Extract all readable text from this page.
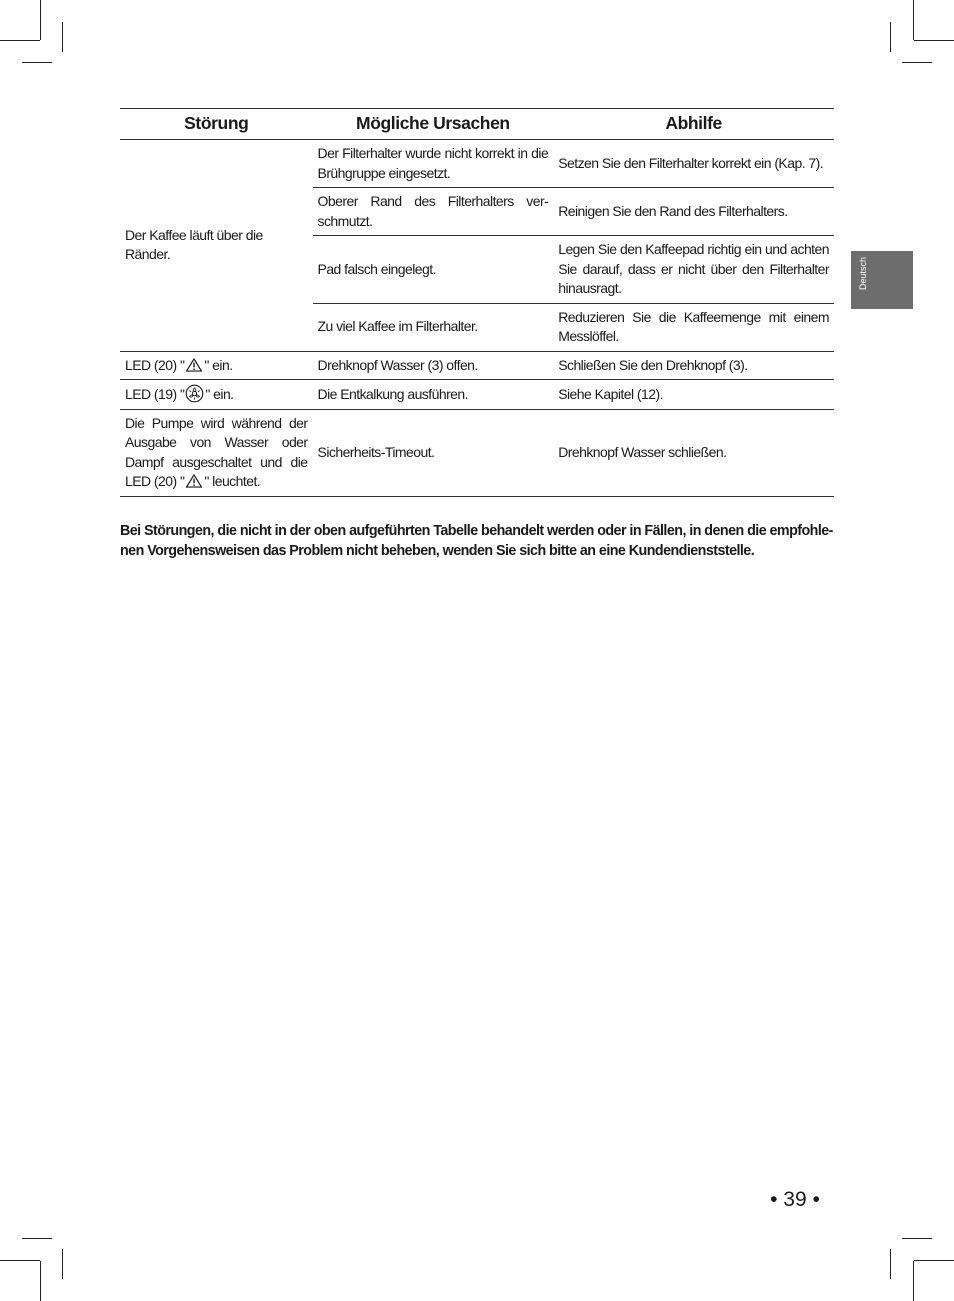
Deutsch
Störung	Mögliche Ursachen	Abhilfe
Der Kaffee läuft über die Ränder.	Der Filterhalter wurde nicht korrekt in die Brühgruppe eingesetzt.	Setzen Sie den Filterhalter korrekt ein (Kap. 7).
	Oberer Rand des Filterhalters ver-schmutzt.	Reinigen Sie den Rand des Filterhalters.
	Pad falsch eingelegt.	Legen Sie den Kaffeepad richtig ein und achten Sie darauf, dass er nicht über den Filterhalter hinausragt.
	Zu viel Kaffee im Filterhalter.	Reduzieren Sie die Kaffeemenge mit einem Messlöffel.
LED (20) " " ein.	Drehknopf Wasser (3) offen.	Schließen Sie den Drehknopf (3).
LED (19) " " ein.	Die Entkalkung ausführen.	Siehe Kapitel (12).
Die Pumpe wird während der Ausgabe von Wasser oder Dampf ausgeschaltet und die LED (20) " " leuchtet.	Sicherheits-Timeout.	Drehknopf Wasser schließen.

Bei Störungen, die nicht in der oben aufgeführten Tabelle behandelt werden oder in Fällen, in denen die empfohle-nen Vorgehensweisen das Problem nicht beheben, wenden Sie sich bitte an eine Kundendienststelle.

• 39 •
